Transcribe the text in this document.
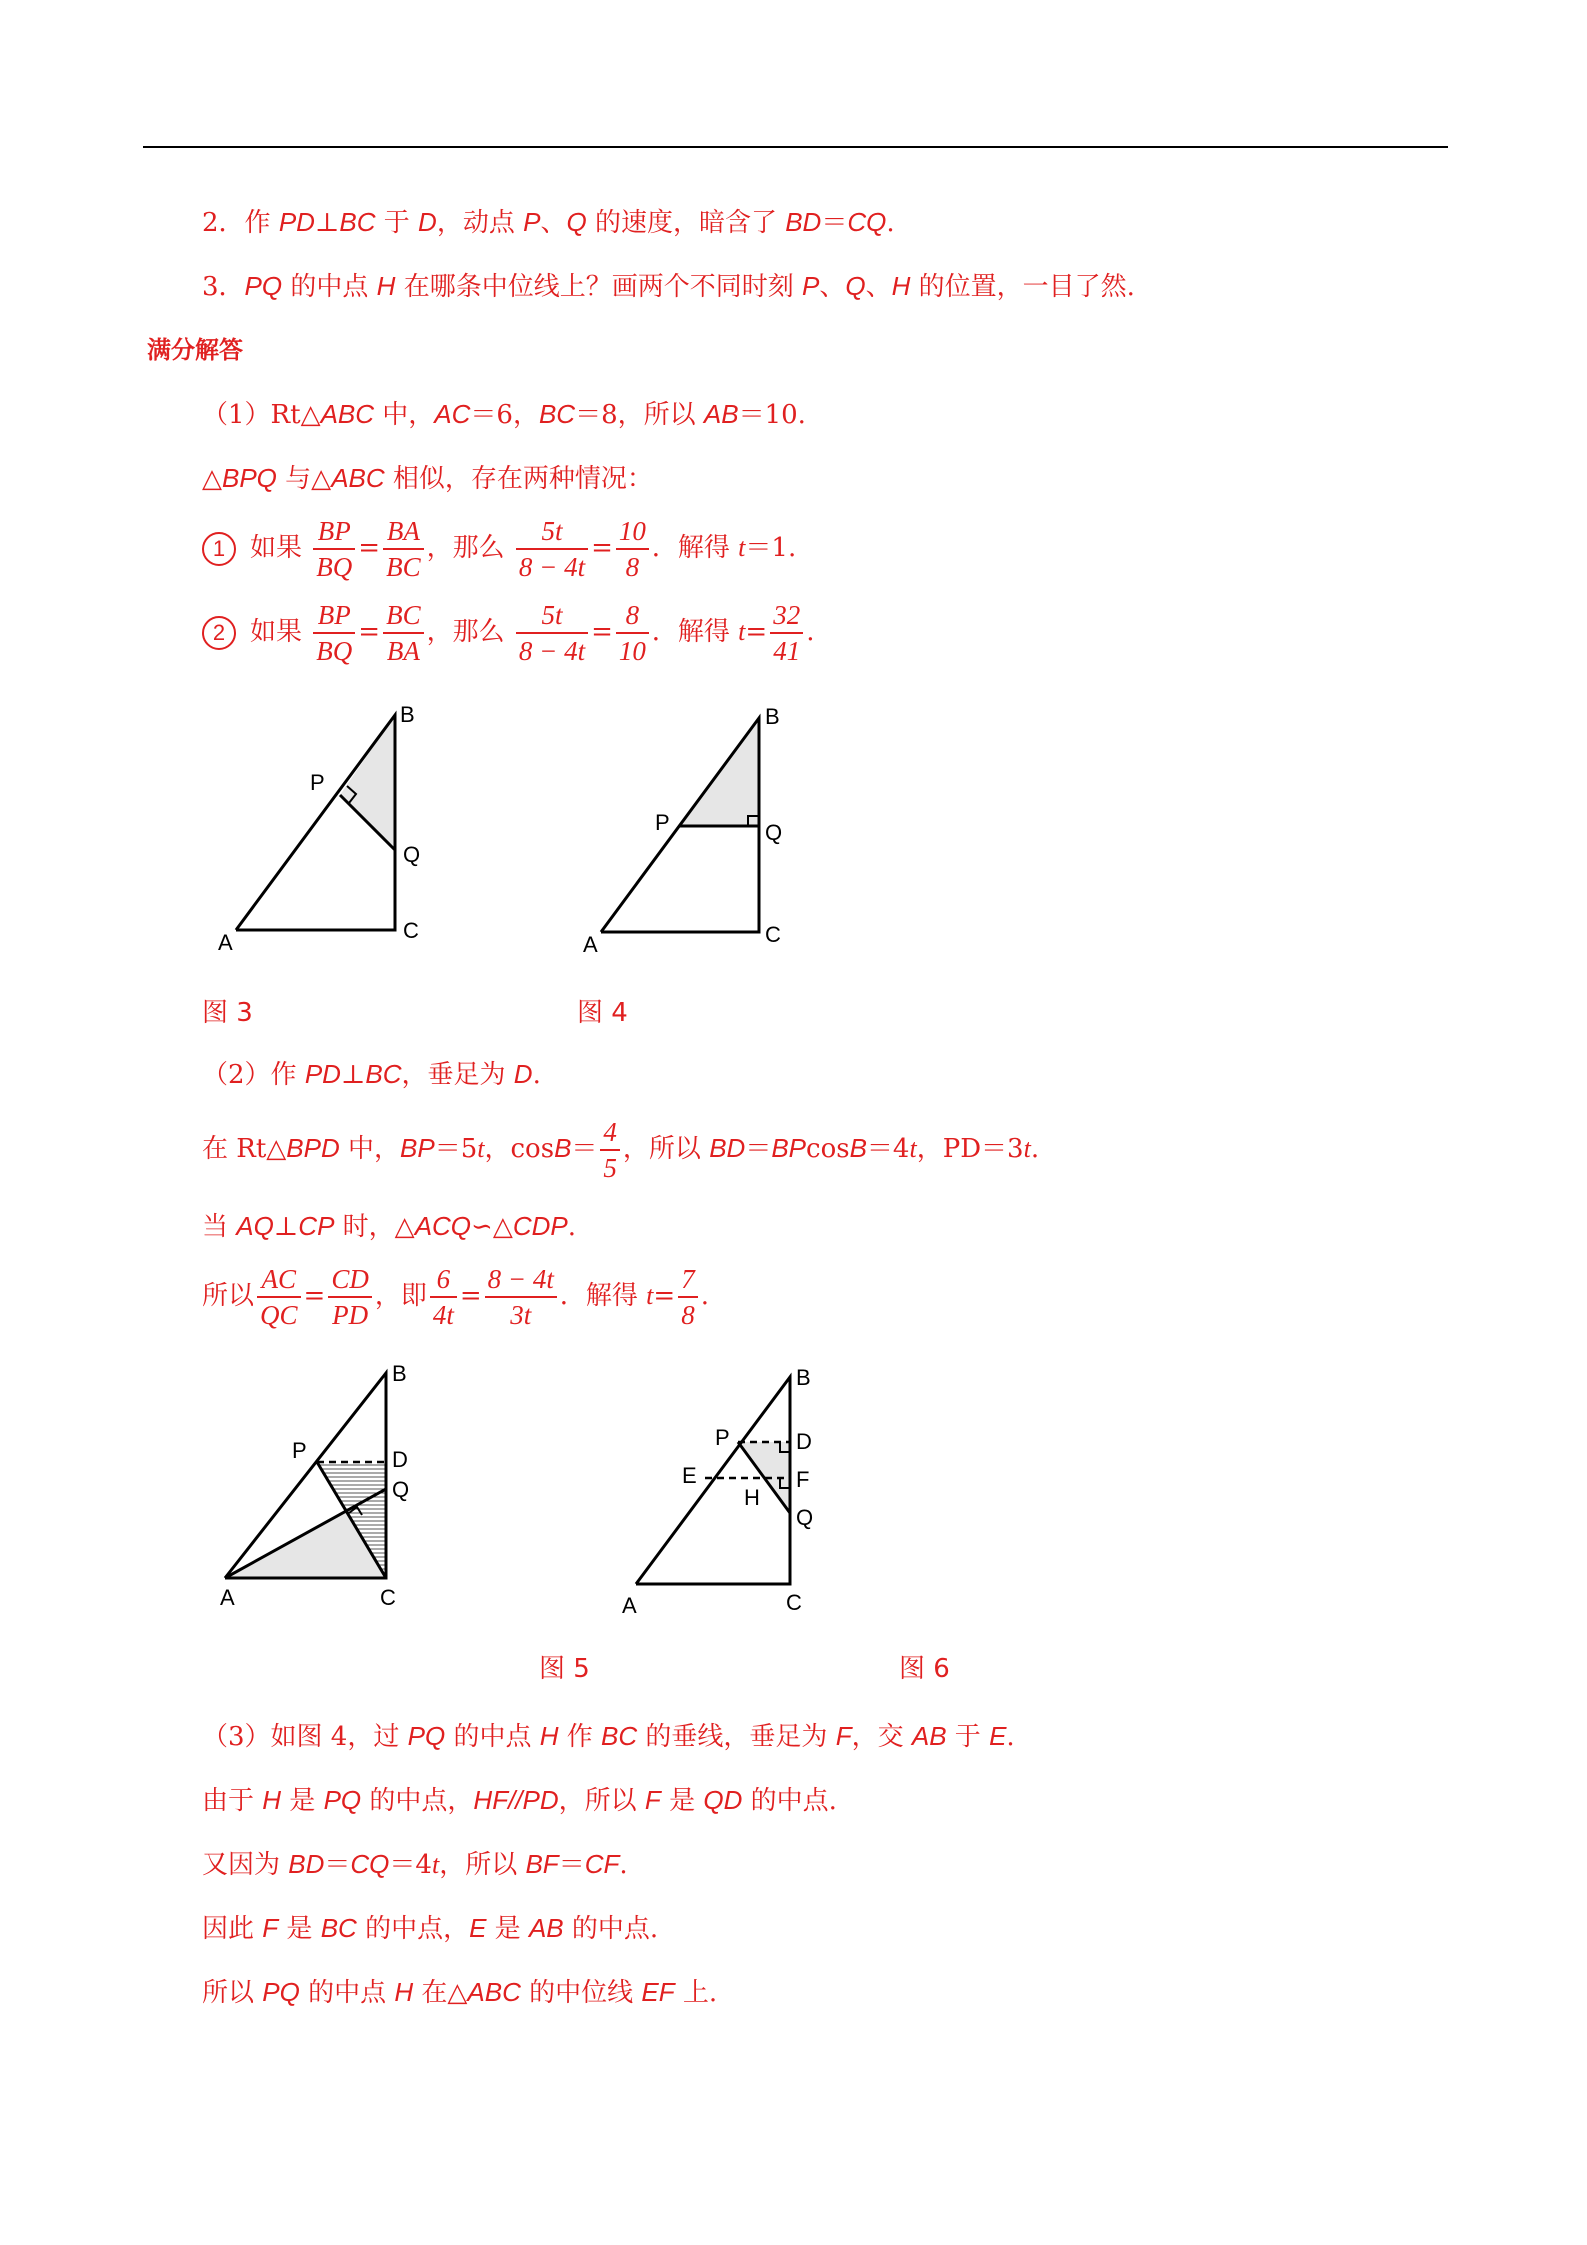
2．作 PD⊥BC 于 D，动点 P、Q 的速度，暗含了 BD＝CQ.
3．PQ 的中点 H 在哪条中位线上？画两个不同时刻 P、Q、H 的位置，一目了然.
满分解答
（1）Rt△ABC 中，AC＝6，BC＝8，所以 AB＝10.
△BPQ 与△ABC 相似，存在两种情况：
1 如果 $\frac{BP}{BQ} = \frac{BA}{BC}$ ，那么 $\frac{5t}{8 - 4t} = \frac{10}{8}$ ．解得 t＝1.
2 如果 $\frac{BP}{BQ} = \frac{BC}{BA}$ ，那么 $\frac{5t}{8 - 4t} = \frac{8}{10}$ ．解得 $t= \frac{32}{41}$ .
B
P
Q
C
A
图 3
B
P	Q
C
A
图 4
（2）作 PD⊥BC，垂足为 D.
在 Rt△BPD 中，BP＝5t，$\cos B= \frac{4}{5}$ ，所以 BD＝BPcosB＝4t，PD＝3t.
当 AQ⊥CP 时，△ACQ∽△CDP.
所以 $\frac{AC}{QC} = \frac{CD}{PD}$ ，即 $\frac{6}{4t} = \frac{8 - 4t}{3t}$ ．解得 $t= \frac{7}{8}$ .
B
P	D
Q
C
A
图 5
B
P	D
E	F
H
Q
C
A
图 6
（3）如图 4，过 PQ 的中点 H 作 BC 的垂线，垂足为 F，交 AB 于 E.
由于 H 是 PQ 的中点，HF//PD，所以 F 是 QD 的中点.
又因为 BD＝CQ＝4t，所以 BF＝CF.
因此 F 是 BC 的中点，E 是 AB 的中点.
所以 PQ 的中点 H 在△ABC 的中位线 EF 上.
